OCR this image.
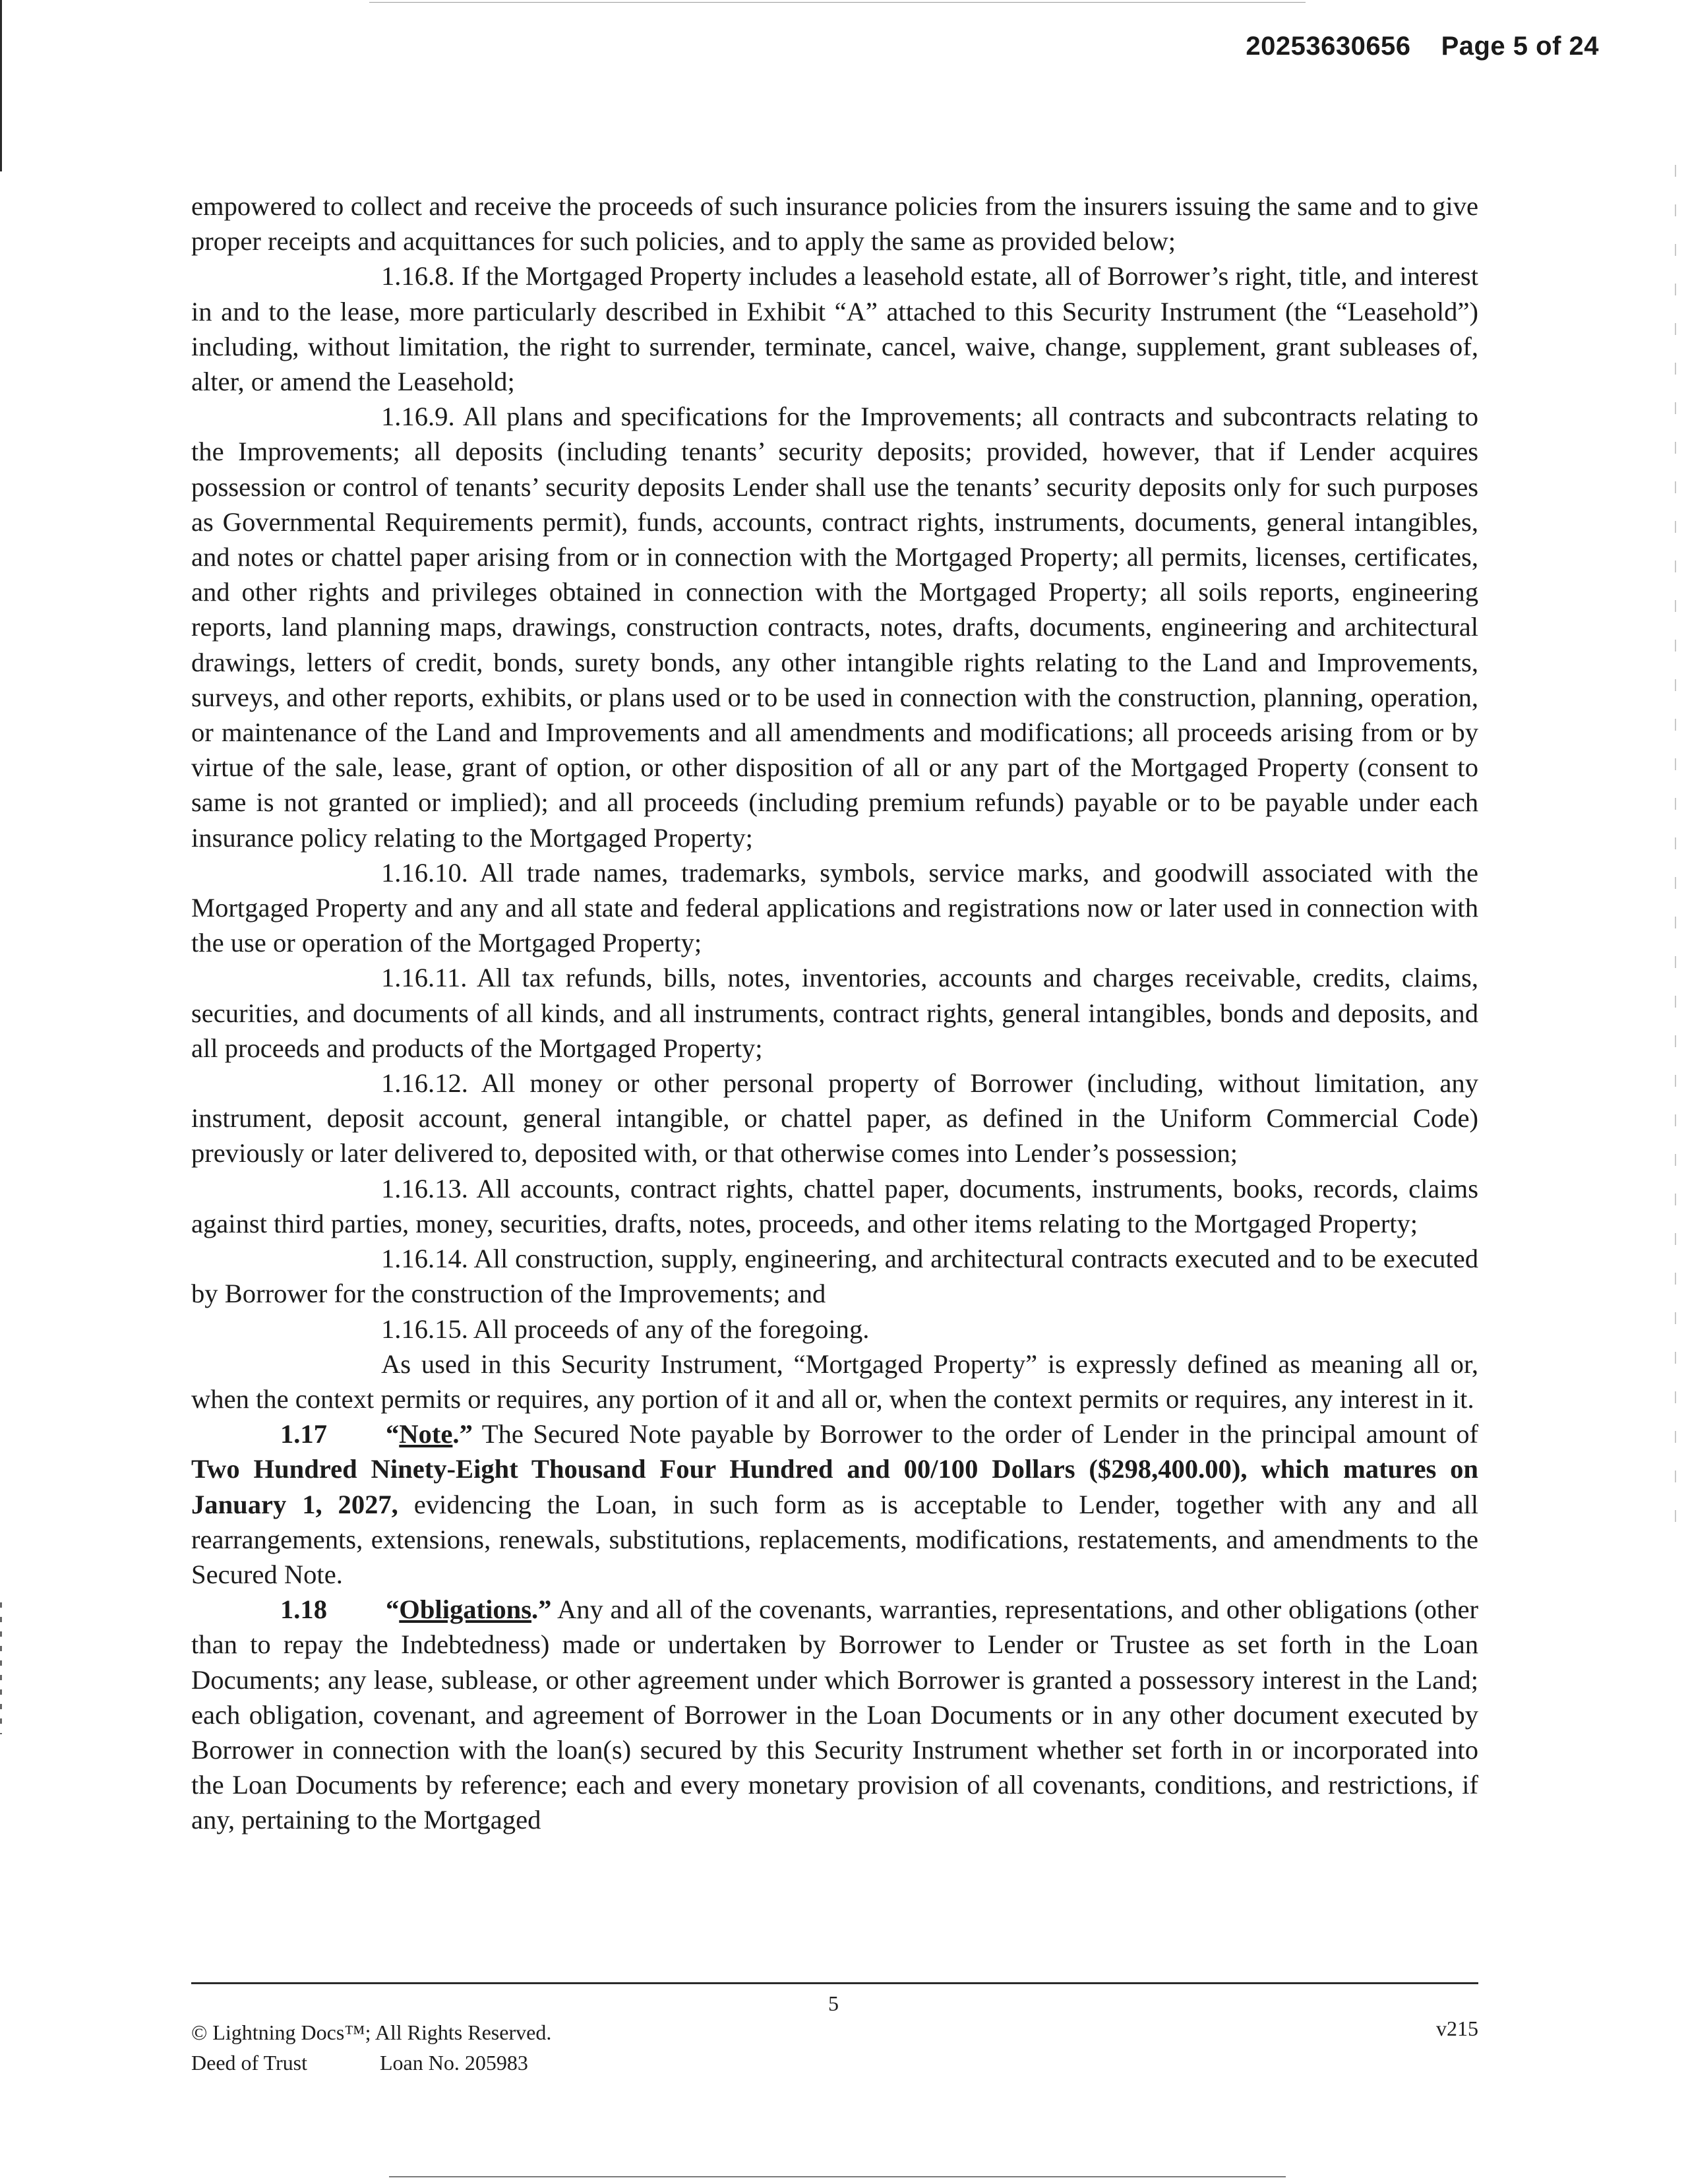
20253630656 Page 5 of 24

empowered to collect and receive the proceeds of such insurance policies from the insurers issuing the same and to give proper receipts and acquittances for such policies, and to apply the same as provided below;

1.16.8. If the Mortgaged Property includes a leasehold estate, all of Borrower’s right, title, and interest in and to the lease, more particularly described in Exhibit “A” attached to this Security Instrument (the “Leasehold”) including, without limitation, the right to surrender, terminate, cancel, waive, change, supplement, grant subleases of, alter, or amend the Leasehold;

1.16.9. All plans and specifications for the Improvements; all contracts and subcontracts relating to the Improvements; all deposits (including tenants’ security deposits; provided, however, that if Lender acquires possession or control of tenants’ security deposits Lender shall use the tenants’ security deposits only for such purposes as Governmental Requirements permit), funds, accounts, contract rights, instruments, documents, general intangibles, and notes or chattel paper arising from or in connection with the Mortgaged Property; all permits, licenses, certificates, and other rights and privileges obtained in connection with the Mortgaged Property; all soils reports, engineering reports, land planning maps, drawings, construction contracts, notes, drafts, documents, engineering and architectural drawings, letters of credit, bonds, surety bonds, any other intangible rights relating to the Land and Improvements, surveys, and other reports, exhibits, or plans used or to be used in connection with the construction, planning, operation, or maintenance of the Land and Improvements and all amendments and modifications; all proceeds arising from or by virtue of the sale, lease, grant of option, or other disposition of all or any part of the Mortgaged Property (consent to same is not granted or implied); and all proceeds (including premium refunds) payable or to be payable under each insurance policy relating to the Mortgaged Property;

1.16.10. All trade names, trademarks, symbols, service marks, and goodwill associated with the Mortgaged Property and any and all state and federal applications and registrations now or later used in connection with the use or operation of the Mortgaged Property;

1.16.11. All tax refunds, bills, notes, inventories, accounts and charges receivable, credits, claims, securities, and documents of all kinds, and all instruments, contract rights, general intangibles, bonds and deposits, and all proceeds and products of the Mortgaged Property;

1.16.12. All money or other personal property of Borrower (including, without limitation, any instrument, deposit account, general intangible, or chattel paper, as defined in the Uniform Commercial Code) previously or later delivered to, deposited with, or that otherwise comes into Lender’s possession;

1.16.13. All accounts, contract rights, chattel paper, documents, instruments, books, records, claims against third parties, money, securities, drafts, notes, proceeds, and other items relating to the Mortgaged Property;

1.16.14. All construction, supply, engineering, and architectural contracts executed and to be executed by Borrower for the construction of the Improvements; and

1.16.15. All proceeds of any of the foregoing.

As used in this Security Instrument, “Mortgaged Property” is expressly defined as meaning all or, when the context permits or requires, any portion of it and all or, when the context permits or requires, any interest in it.

1.17 “Note.” The Secured Note payable by Borrower to the order of Lender in the principal amount of Two Hundred Ninety-Eight Thousand Four Hundred and 00/100 Dollars ($298,400.00), which matures on January 1, 2027, evidencing the Loan, in such form as is acceptable to Lender, together with any and all rearrangements, extensions, renewals, substitutions, replacements, modifications, restatements, and amendments to the Secured Note.

1.18 “Obligations.” Any and all of the covenants, warranties, representations, and other obligations (other than to repay the Indebtedness) made or undertaken by Borrower to Lender or Trustee as set forth in the Loan Documents; any lease, sublease, or other agreement under which Borrower is granted a possessory interest in the Land; each obligation, covenant, and agreement of Borrower in the Loan Documents or in any other document executed by Borrower in connection with the loan(s) secured by this Security Instrument whether set forth in or incorporated into the Loan Documents by reference; each and every monetary provision of all covenants, conditions, and restrictions, if any, pertaining to the Mortgaged

5
© Lightning Docs™; All Rights Reserved.	v215
Deed of Trust	Loan No. 205983
